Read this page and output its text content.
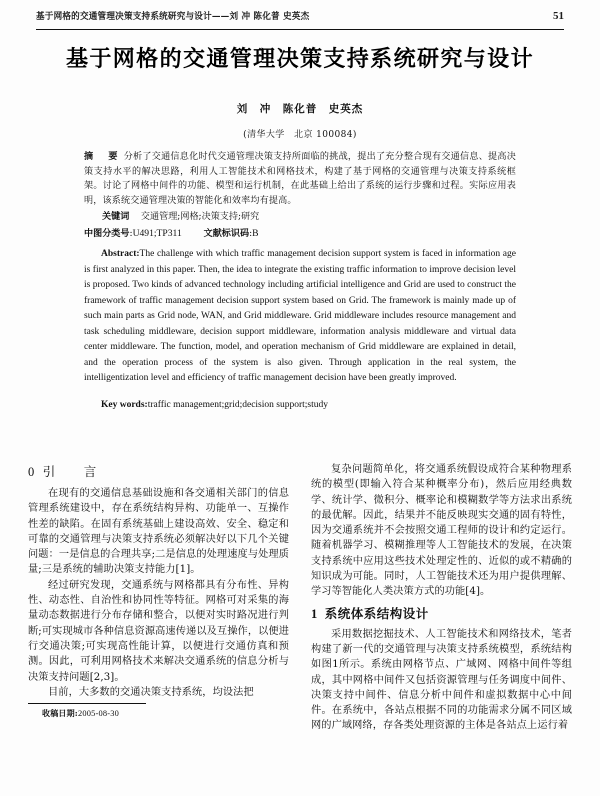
基于网格的交通管理决策支持系统研究与设计——刘 冲 陈化普 史英杰	51
基于网格的交通管理决策支持系统研究与设计
刘　冲　陈化普　史英杰
(清华大学　北京 100084)
摘　要 分析了交通信息化时代交通管理决策支持所面临的挑战，提出了充分整合现有交通信息、提高决策支持水平的解决思路，利用人工智能技术和网格技术，构建了基于网格的交通管理与决策支持系统框架。讨论了网格中间件的功能、模型和运行机制，在此基础上给出了系统的运行步骤和过程。实际应用表明，该系统交通管理决策的智能化和效率均有提高。
关键词 交通管理;网格;决策支持;研究
中图分类号:U491;TP311 文献标识码:B
Abstract:The challenge with which traffic management decision support system is faced in information age is first analyzed in this paper. Then, the idea to integrate the existing traffic information to improve decision level is proposed. Two kinds of advanced technology including artificial intelligence and Grid are used to construct the framework of traffic management decision support system based on Grid. The framework is mainly made up of such main parts as Grid node, WAN, and Grid middleware. Grid middleware includes resource management and task scheduling middleware, decision support middleware, information analysis middleware and virtual data center middleware. The function, model, and operation mechanism of Grid middleware are explained in detail, and the operation process of the system is also given. Through application in the real system, the intelligentization level and efficiency of traffic management decision have been greatly improved.
Key words:traffic management;grid;decision support;study
0 引　言

在现有的交通信息基础设施和各交通相关部门的信息管理系统建设中，存在系统结构异构、功能单一、互操作性差的缺陷。在固有系统基础上建设高效、安全、稳定和可靠的交通管理与决策支持系统必须解决好以下几个关键问题：一是信息的合理共享;二是信息的处理速度与处理质量;三是系统的辅助决策支持能力[1]。

经过研究发现，交通系统与网格都具有分布性、异构性、动态性、自治性和协同性等特征。网格可对采集的海量动态数据进行分布存储和整合，以便对实时路况进行判断;可实现城市各种信息资源高速传递以及互操作，以便进行交通决策;可实现高性能计算，以便进行交通仿真和预测。因此，可利用网格技术来解决交通系统的信息分析与决策支持问题[2,3]。

目前，大多数的交通决策支持系统，均设法把

收稿日期:2005-08-30

复杂问题简单化，将交通系统假设成符合某种物理系统的模型(即输入符合某种概率分布)，然后应用经典数学、统计学、微积分、概率论和模糊数学等方法求出系统的最优解。因此，结果并不能反映现实交通的固有特性，因为交通系统并不会按照交通工程师的设计和约定运行。随着机器学习、模糊推理等人工智能技术的发展，在决策支持系统中应用这些技术处理定性的、近似的或不精确的知识成为可能。同时，人工智能技术还为用户提供理解、学习等智能化人类决策方式的功能[4]。

1 系统体系结构设计

采用数据挖掘技术、人工智能技术和网络技术，笔者构建了新一代的交通管理与决策支持系统模型，系统结构如图1所示。系统由网格节点、广域网、网格中间件等组成，其中网格中间件又包括资源管理与任务调度中间件、决策支持中间件、信息分析中间件和虚拟数据中心中间件。在系统中，各站点根据不同的功能需求分属不同区域网的广域网络，存各类处理资源的主体是各站点上运行着
